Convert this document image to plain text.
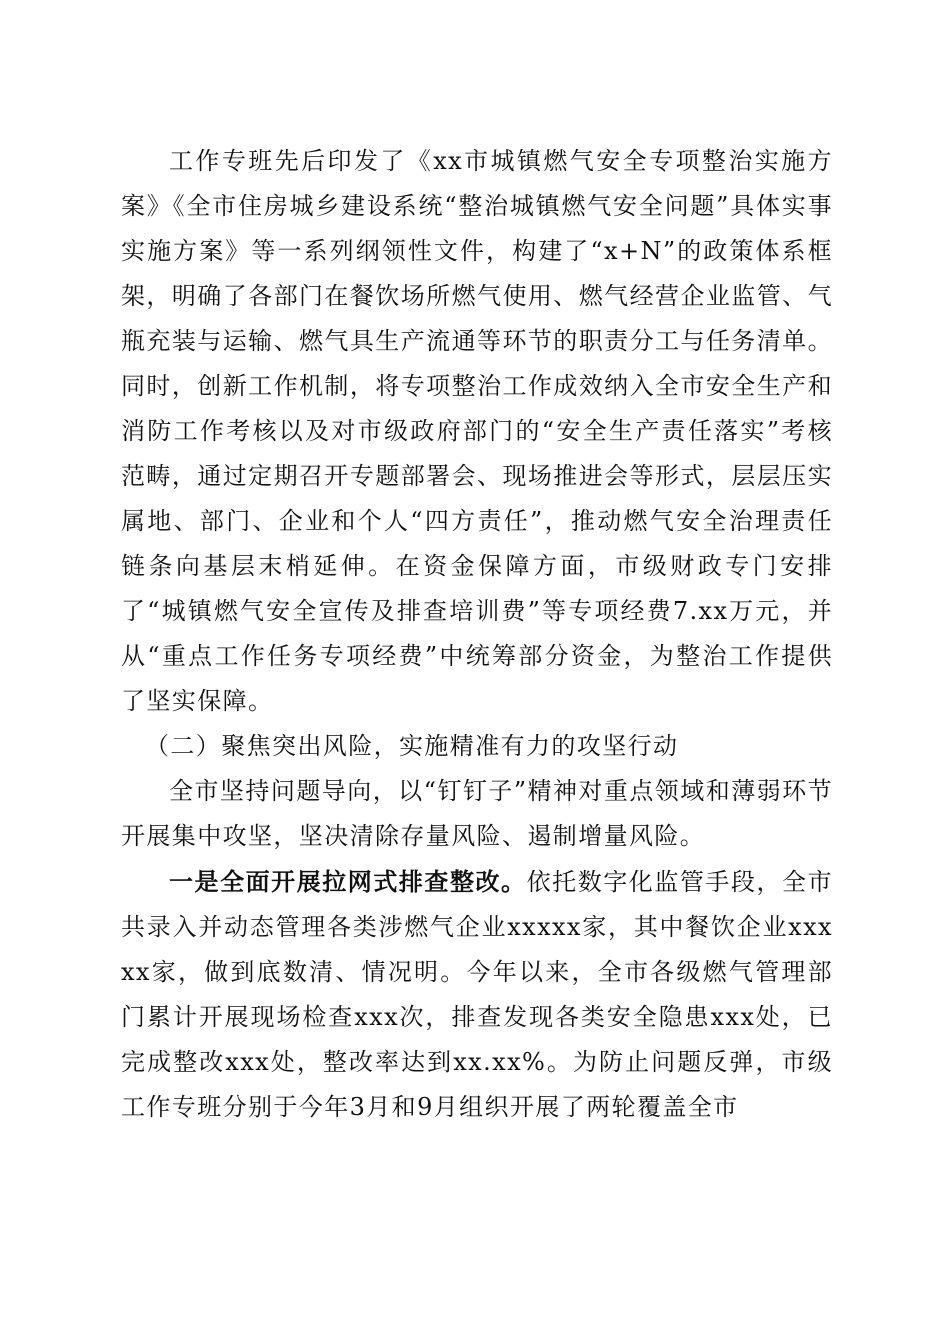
工作专班先后印发了《xx市城镇燃气安全专项整治实施方案》《全市住房城乡建设系统“整治城镇燃气安全问题”具体实事实施方案》等一系列纲领性文件，构建了“x+N”的政策体系框架，明确了各部门在餐饮场所燃气使用、燃气经营企业监管、气瓶充装与运输、燃气具生产流通等环节的职责分工与任务清单。同时，创新工作机制，将专项整治工作成效纳入全市安全生产和消防工作考核以及对市级政府部门的“安全生产责任落实”考核范畴，通过定期召开专题部署会、现场推进会等形式，层层压实属地、部门、企业和个人“四方责任”，推动燃气安全治理责任链条向基层末梢延伸。在资金保障方面，市级财政专门安排了“城镇燃气安全宣传及排查培训费”等专项经费7.xx万元，并从“重点工作任务专项经费”中统筹部分资金，为整治工作提供了坚实保障。

（二）聚焦突出风险，实施精准有力的攻坚行动

全市坚持问题导向，以“钉钉子”精神对重点领域和薄弱环节开展集中攻坚，坚决清除存量风险、遏制增量风险。

一是全面开展拉网式排查整改。依托数字化监管手段，全市共录入并动态管理各类涉燃气企业xxxxx家，其中餐饮企业xxxxx家，做到底数清、情况明。今年以来，全市各级燃气管理部门累计开展现场检查xxx次，排查发现各类安全隐患xxx处，已完成整改xxx处，整改率达到xx.xx%。为防止问题反弹，市级工作专班分别于今年3月和9月组织开展了两轮覆盖全市
